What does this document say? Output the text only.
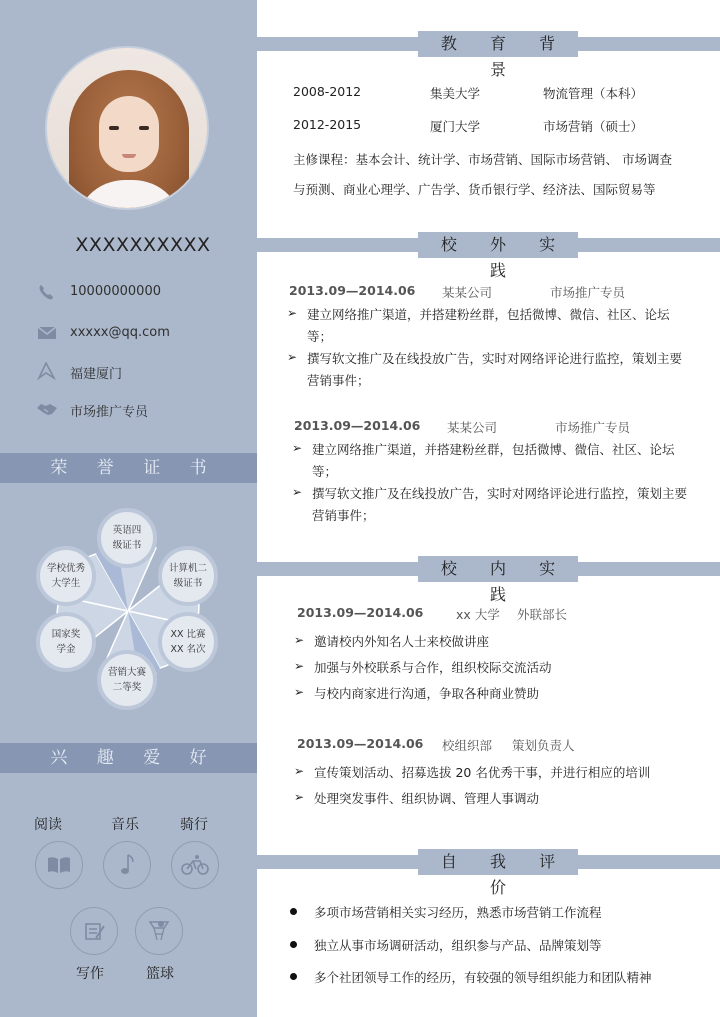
XXXXXXXXXX
10000000000
xxxxx@qq.com
福建厦门
市场推广专员
荣 誉 证 书
英语四
级证书
计算机二
级证书
XX 比赛
XX 名次
营销大赛
二等奖
国家奖
学金
学校优秀
大学生
兴 趣 爱 好
阅读	音乐	骑行
写作	篮球
教 育 背 景
2008-2012	集美大学	物流管理（本科）
2012-2015	厦门大学	市场营销（硕士）
主修课程：基本会计、统计学、市场营销、国际市场营销、 市场调查
与预测、商业心理学、广告学、货币银行学、经济法、国际贸易等
校 外 实 践
2013.09—2014.06 某某公司	市场推广专员
➢ 建立网络推广渠道，并搭建粉丝群，包括微博、微信、社区、论坛
等；
➢ 撰写软文推广及在线投放广告，实时对网络评论进行监控，策划主要
营销事件；
2013.09—2014.06 某某公司	市场推广专员
➢ 建立网络推广渠道，并搭建粉丝群，包括微博、微信、社区、论坛
等；
➢ 撰写软文推广及在线投放广告，实时对网络评论进行监控，策划主要
营销事件；
校 内 实 践
2013.09—2014.06	xx 大学 外联部长
➢ 邀请校内外知名人士来校做讲座
➢ 加强与外校联系与合作，组织校际交流活动
➢ 与校内商家进行沟通，争取各种商业赞助
2013.09—2014.06 校组织部 策划负责人
➢ 宣传策划活动、招募选拔 20 名优秀干事，并进行相应的培训
➢ 处理突发事件、组织协调、管理人事调动
自 我 评 价
多项市场营销相关实习经历，熟悉市场营销工作流程
独立从事市场调研活动，组织参与产品、品牌策划等
多个社团领导工作的经历，有较强的领导组织能力和团队精神
